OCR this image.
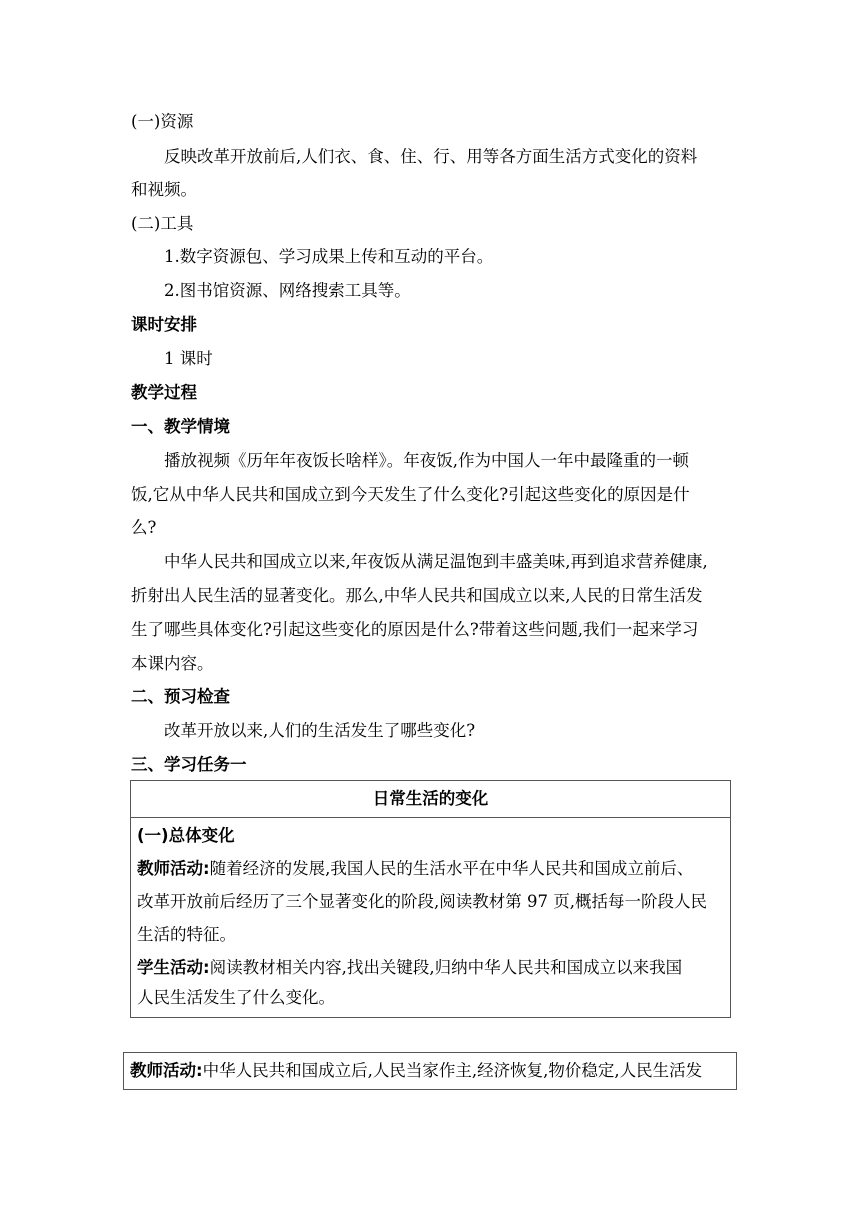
(一)资源
反映改革开放前后,人们衣、食、住、行、用等各方面生活方式变化的资料
和视频。
(二)工具
1.数字资源包、学习成果上传和互动的平台。
2.图书馆资源、网络搜索工具等。
课时安排
1 课时
教学过程
一、教学情境
播放视频《历年年夜饭长啥样》。年夜饭,作为中国人一年中最隆重的一顿
饭,它从中华人民共和国成立到今天发生了什么变化?引起这些变化的原因是什
么?
中华人民共和国成立以来,年夜饭从满足温饱到丰盛美味,再到追求营养健康,
折射出人民生活的显著变化。那么,中华人民共和国成立以来,人民的日常生活发
生了哪些具体变化?引起这些变化的原因是什么?带着这些问题,我们一起来学习
本课内容。
二、预习检查
改革开放以来,人们的生活发生了哪些变化?
三、学习任务一
日常生活的变化
(一)总体变化
教师活动:随着经济的发展,我国人民的生活水平在中华人民共和国成立前后、
改革开放前后经历了三个显著变化的阶段,阅读教材第 97 页,概括每一阶段人民
生活的特征。
学生活动:阅读教材相关内容,找出关键段,归纳中华人民共和国成立以来我国
人民生活发生了什么变化。
教师活动:中华人民共和国成立后,人民当家作主,经济恢复,物价稳定,人民生活发
